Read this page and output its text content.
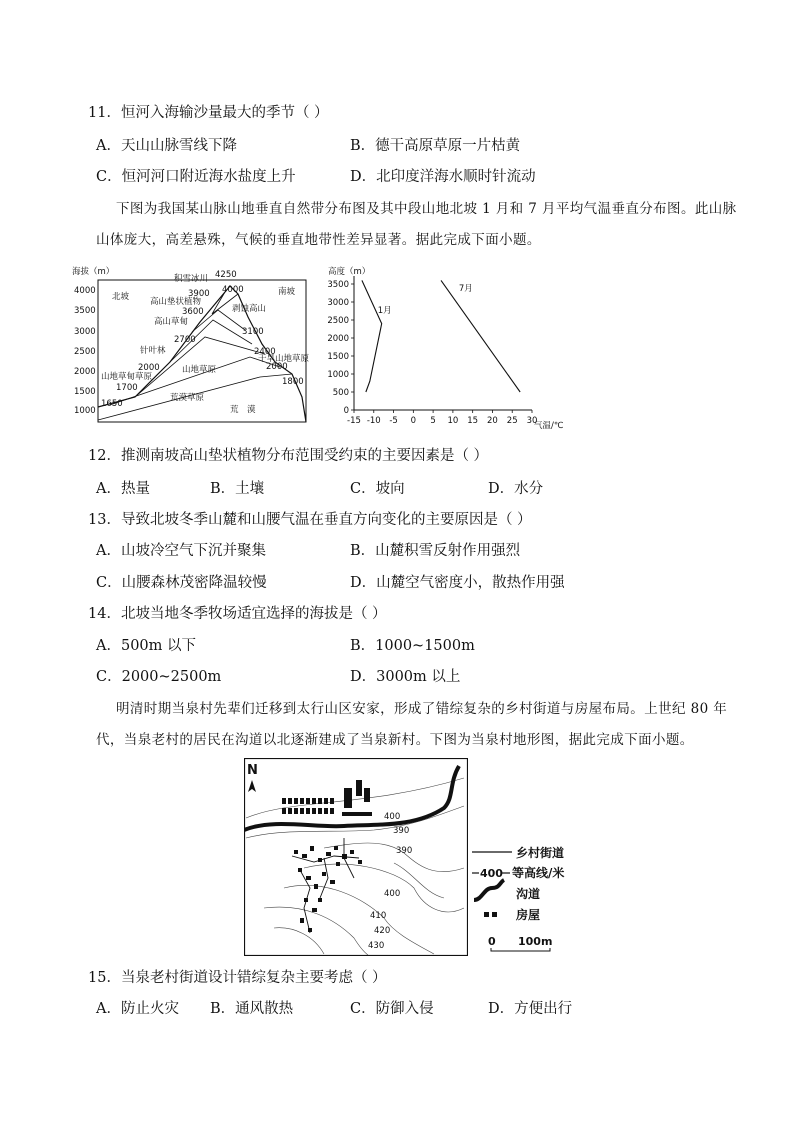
11．恒河入海输沙量最大的季节（ ）
A．天山山脉雪线下降	B．德干高原草原一片枯黄
C．恒河河口附近海水盐度上升	D．北印度洋海水顺时针流动
下图为我国某山脉山地垂直自然带分布图及其中段山地北坡 1 月和 7 月平均气温垂直分布图。此山脉
山体庞大，高差悬殊，气候的垂直地带性差异显著。据此完成下面小题。
海拔（m）
4000
3500
3000
2500
2000
1500
1000
北坡	南坡
积雪冰川
高山垫状植物
高山草甸
针叶林
山地草甸草原
山地草原
荒漠草原
荒　漠
剥蚀高山
干旱山地草原
4250
4000
3900
3600
3100
2700
2400
2000
2000
1700
1800
1650
高度（m）
气温/℃
-15 -10 -5 0 5 10 15 20 25 30
0
500
1000
1500
2000
2500
3000
3500
1月
7月
12．推测南坡高山垫状植物分布范围受约束的主要因素是（ ）
A．热量	B．土壤	C．坡向	D．水分
13．导致北坡冬季山麓和山腰气温在垂直方向变化的主要原因是（ ）
A．山坡冷空气下沉并聚集	B．山麓积雪反射作用强烈
C．山腰森林茂密降温较慢	D．山麓空气密度小，散热作用强
14．北坡当地冬季牧场适宜选择的海拔是（ ）
A．500m 以下	B．1000~1500m
C．2000~2500m	D．3000m 以上
明清时期当泉村先辈们迁移到太行山区安家，形成了错综复杂的乡村街道与房屋布局。上世纪 80 年
代，当泉老村的居民在沟道以北逐渐建成了当泉新村。下图为当泉村地形图，据此完成下面小题。
N
400
390
390
400
410
420
430
乡村街道
400 等高线/米
沟道
房屋
0 100m
15．当泉老村街道设计错综复杂主要考虑（ ）
A．防止火灾 B．通风散热	C．防御入侵	D．方便出行
